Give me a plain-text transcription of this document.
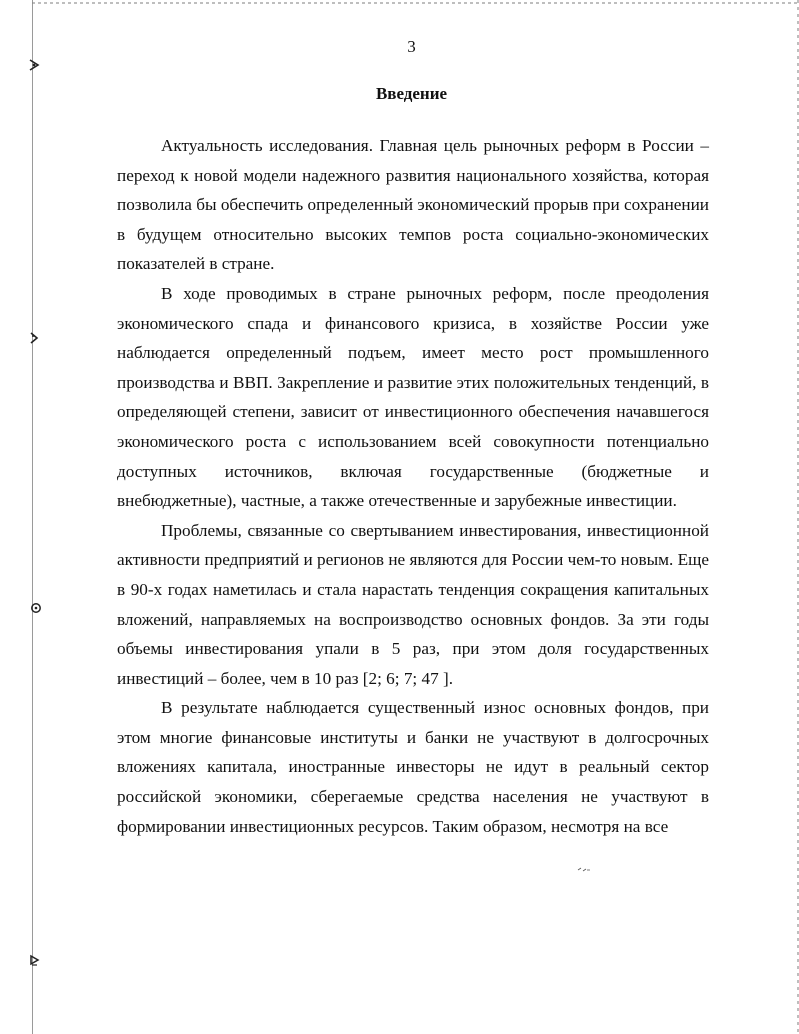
3
Введение

Актуальность исследования. Главная цель рыночных реформ в России – переход к новой модели надежного развития национального хозяйства, которая позволила бы обеспечить определенный экономический прорыв при сохранении в будущем относительно высоких темпов роста социально-экономических показателей в стране.

В ходе проводимых в стране рыночных реформ, после преодоления экономического спада и финансового кризиса, в хозяйстве России уже наблюдается определенный подъем, имеет место рост промышленного производства и ВВП. Закрепление и развитие этих положительных тенденций, в определяющей степени, зависит от инвестиционного обеспечения начавшегося экономического роста с использованием всей совокупности потенциально доступных источников, включая государственные (бюджетные и внебюджетные), частные, а также отечественные и зарубежные инвестиции.

Проблемы, связанные со свертыванием инвестирования, инвестиционной активности предприятий и регионов не являются для России чем-то новым. Еще в 90-х годах наметилась и стала нарастать тенденция сокращения капитальных вложений, направляемых на воспроизводство основных фондов. За эти годы объемы инвестирования упали в 5 раз, при этом доля государственных инвестиций – более, чем в 10 раз [2; 6; 7; 47 ].

В результате наблюдается существенный износ основных фондов, при этом многие финансовые институты и банки не участвуют в долгосрочных вложениях капитала, иностранные инвесторы не идут в реальный сектор российской экономики, сберегаемые средства населения не участвуют в формировании инвестиционных ресурсов. Таким образом, несмотря на все
